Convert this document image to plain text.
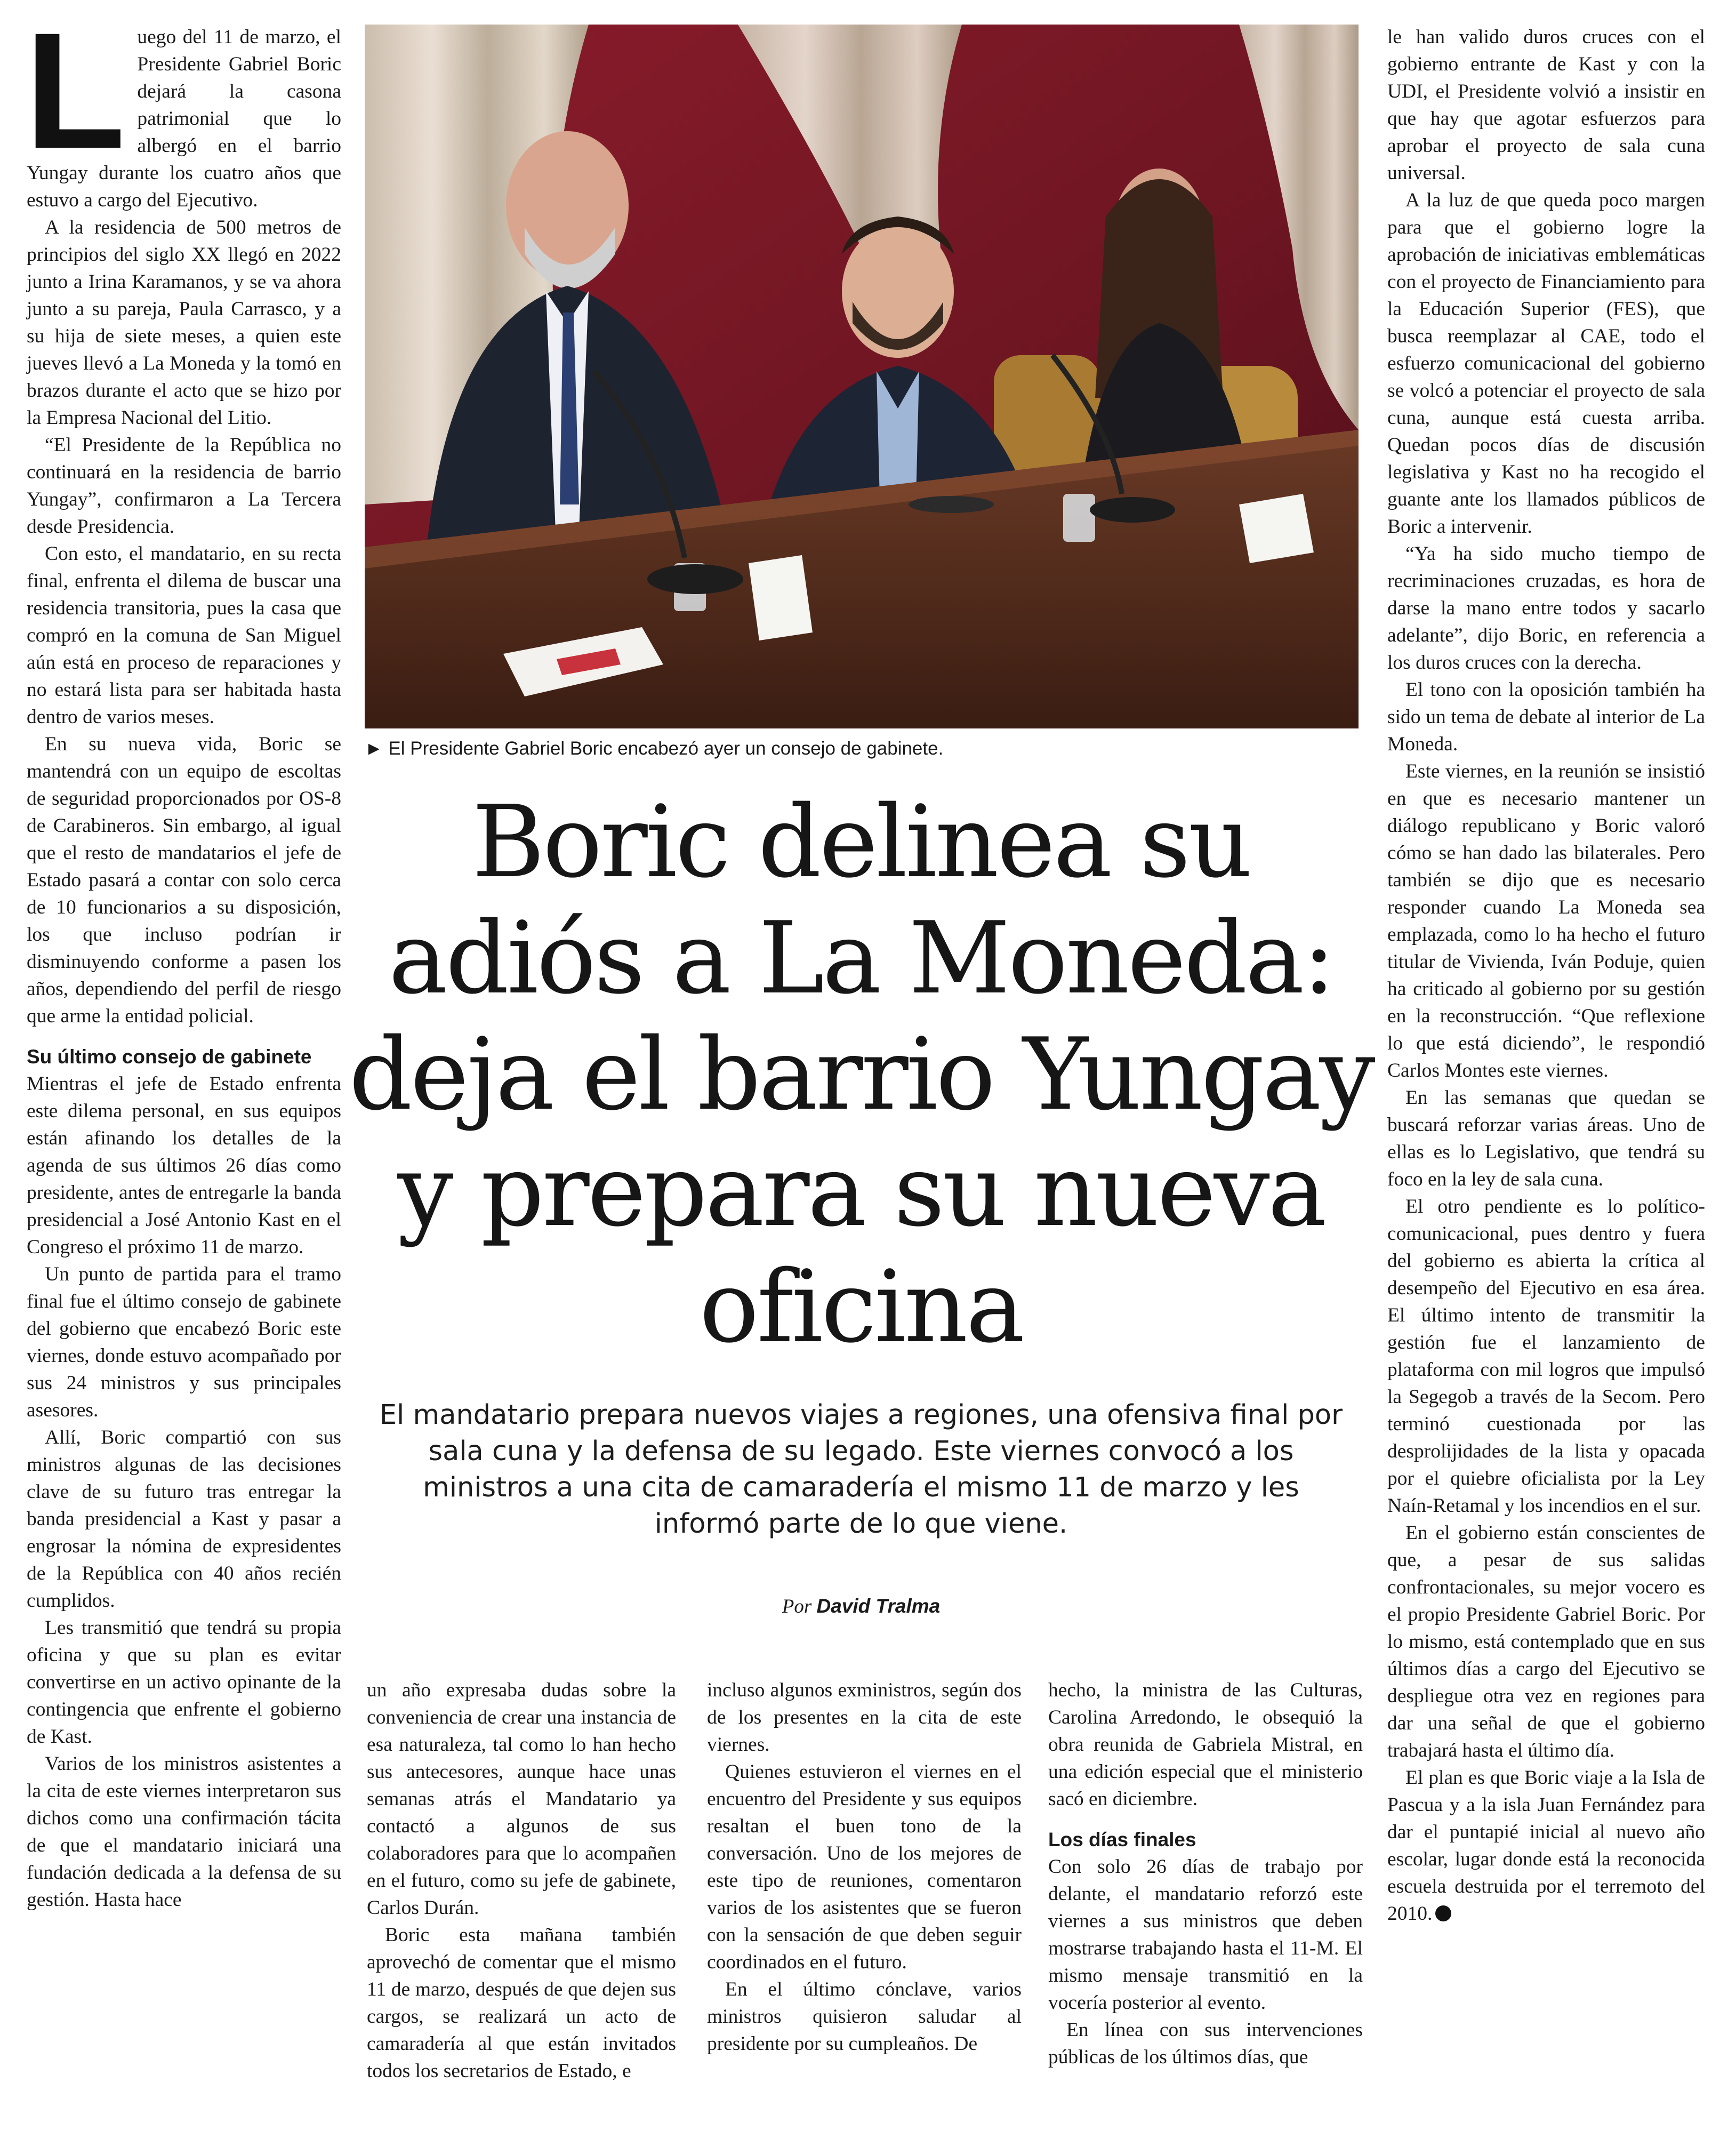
Luego del 11 de marzo, el Presidente Gabriel Boric dejará la casona patrimonial que lo albergó en el barrio Yungay durante los cuatro años que estuvo a cargo del Ejecutivo.

A la residencia de 500 metros de principios del siglo XX llegó en 2022 junto a Irina Karamanos, y se va ahora junto a su pareja, Paula Carrasco, y a su hija de siete meses, a quien este jueves llevó a La Moneda y la tomó en brazos durante el acto que se hizo por la Empresa Nacional del Litio.

“El Presidente de la República no continuará en la residencia de barrio Yungay”, confirmaron a La Tercera desde Presidencia.

Con esto, el mandatario, en su recta final, enfrenta el dilema de buscar una residencia transitoria, pues la casa que compró en la comuna de San Miguel aún está en proceso de reparaciones y no estará lista para ser habitada hasta dentro de varios meses.

En su nueva vida, Boric se mantendrá con un equipo de escoltas de seguridad proporcionados por OS-8 de Carabineros. Sin embargo, al igual que el resto de mandatarios el jefe de Estado pasará a contar con solo cerca de 10 funcionarios a su disposición, los que incluso podrían ir disminuyendo conforme a pasen los años, dependiendo del perfil de riesgo que arme la entidad policial.

Su último consejo de gabinete

Mientras el jefe de Estado enfrenta este dilema personal, en sus equipos están afinando los detalles de la agenda de sus últimos 26 días como presidente, antes de entregarle la banda presidencial a José Antonio Kast en el Congreso el próximo 11 de marzo.

Un punto de partida para el tramo final fue el último consejo de gabinete del gobierno que encabezó Boric este viernes, donde estuvo acompañado por sus 24 ministros y sus principales asesores.

Allí, Boric compartió con sus ministros algunas de las decisiones clave de su futuro tras entregar la banda presidencial a Kast y pasar a engrosar la nómina de expresidentes de la República con 40 años recién cumplidos.

Les transmitió que tendrá su propia oficina y que su plan es evitar convertirse en un activo opinante de la contingencia que enfrente el gobierno de Kast.

Varios de los ministros asistentes a la cita de este viernes interpretaron sus dichos como una confirmación tácita de que el mandatario iniciará una fundación dedicada a la defensa de su gestión. Hasta hace

► El Presidente Gabriel Boric encabezó ayer un consejo de gabinete.
Boric delinea su adiós a La Moneda: deja el barrio Yungay y prepara su nueva oficina

El mandatario prepara nuevos viajes a regiones, una ofensiva final por sala cuna y la defensa de su legado. Este viernes convocó a los ministros a una cita de camaradería el mismo 11 de marzo y les informó parte de lo que viene.

Por David Tralma

un año expresaba dudas sobre la conveniencia de crear una instancia de esa naturaleza, tal como lo han hecho sus antecesores, aunque hace unas semanas atrás el Mandatario ya contactó a algunos de sus colaboradores para que lo acompañen en el futuro, como su jefe de gabinete, Carlos Durán.

Boric esta mañana también aprovechó de comentar que el mismo 11 de marzo, después de que dejen sus cargos, se realizará un acto de camaradería al que están invitados todos los secretarios de Estado, e

incluso algunos exministros, según dos de los presentes en la cita de este viernes.

Quienes estuvieron el viernes en el encuentro del Presidente y sus equipos resaltan el buen tono de la conversación. Uno de los mejores de este tipo de reuniones, comentaron varios de los asistentes que se fueron con la sensación de que deben seguir coordinados en el futuro.

En el último cónclave, varios ministros quisieron saludar al presidente por su cumpleaños. De

hecho, la ministra de las Culturas, Carolina Arredondo, le obsequió la obra reunida de Gabriela Mistral, en una edición especial que el ministerio sacó en diciembre.

Los días finales

Con solo 26 días de trabajo por delante, el mandatario reforzó este viernes a sus ministros que deben mostrarse trabajando hasta el 11-M. El mismo mensaje transmitió en la vocería posterior al evento.

En línea con sus intervenciones públicas de los últimos días, que

le han valido duros cruces con el gobierno entrante de Kast y con la UDI, el Presidente volvió a insistir en que hay que agotar esfuerzos para aprobar el proyecto de sala cuna universal.

A la luz de que queda poco margen para que el gobierno logre la aprobación de iniciativas emblemáticas con el proyecto de Financiamiento para la Educación Superior (FES), que busca reemplazar al CAE, todo el esfuerzo comunicacional del gobierno se volcó a potenciar el proyecto de sala cuna, aunque está cuesta arriba. Quedan pocos días de discusión legislativa y Kast no ha recogido el guante ante los llamados públicos de Boric a intervenir.

“Ya ha sido mucho tiempo de recriminaciones cruzadas, es hora de darse la mano entre todos y sacarlo adelante”, dijo Boric, en referencia a los duros cruces con la derecha.

El tono con la oposición también ha sido un tema de debate al interior de La Moneda.

Este viernes, en la reunión se insistió en que es necesario mantener un diálogo republicano y Boric valoró cómo se han dado las bilaterales. Pero también se dijo que es necesario responder cuando La Moneda sea emplazada, como lo ha hecho el futuro titular de Vivienda, Iván Poduje, quien ha criticado al gobierno por su gestión en la reconstrucción. “Que reflexione lo que está diciendo”, le respondió Carlos Montes este viernes.

En las semanas que quedan se buscará reforzar varias áreas. Uno de ellas es lo Legislativo, que tendrá su foco en la ley de sala cuna.

El otro pendiente es lo político-comunicacional, pues dentro y fuera del gobierno es abierta la crítica al desempeño del Ejecutivo en esa área. El último intento de transmitir la gestión fue el lanzamiento de plataforma con mil logros que impulsó la Segegob a través de la Secom. Pero terminó cuestionada por las desprolijidades de la lista y opacada por el quiebre oficialista por la Ley Naín-Retamal y los incendios en el sur.

En el gobierno están conscientes de que, a pesar de sus salidas confrontacionales, su mejor vocero es el propio Presidente Gabriel Boric. Por lo mismo, está contemplado que en sus últimos días a cargo del Ejecutivo se despliegue otra vez en regiones para dar una señal de que el gobierno trabajará hasta el último día.

El plan es que Boric viaje a la Isla de Pascua y a la isla Juan Fernández para dar el puntapié inicial al nuevo año escolar, lugar donde está la reconocida escuela destruida por el terremoto del 2010.
